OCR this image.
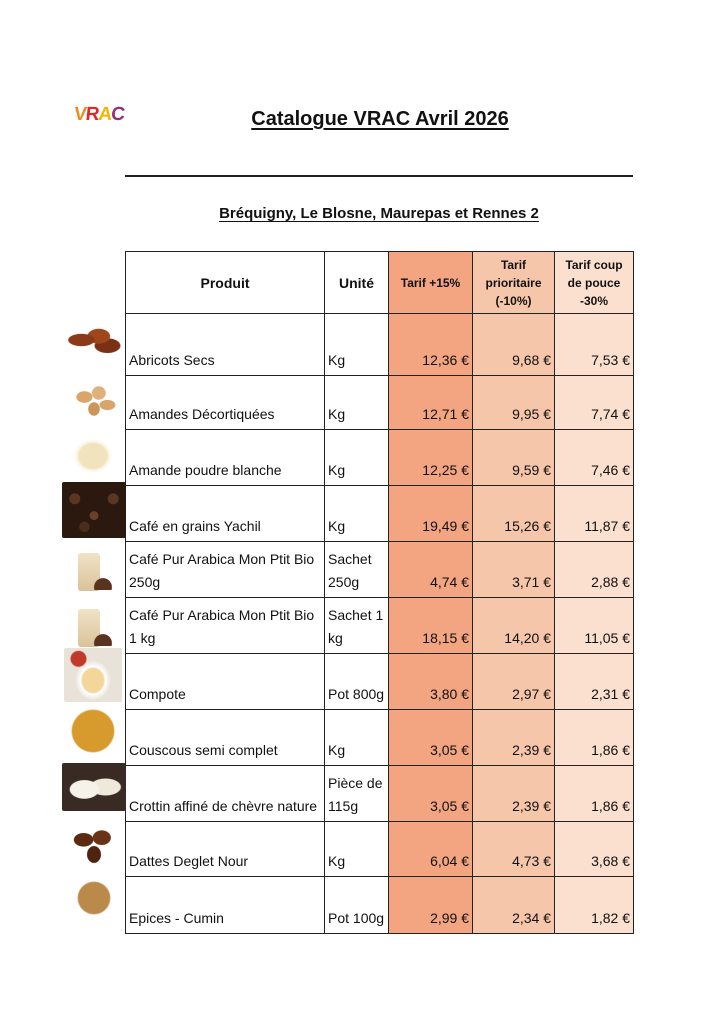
VRAC	Catalogue VRAC Avril 2026
Bréquigny, Le Blosne, Maurepas et Rennes 2
Produit	Unité	Tarif +15%	Tarif prioritaire (-10%)	Tarif coup de pouce -30%
Abricots Secs	Kg	12,36 €	9,68 €	7,53 €
Amandes Décortiquées	Kg	12,71 €	9,95 €	7,74 €
Amande poudre blanche	Kg	12,25 €	9,59 €	7,46 €
Café en grains Yachil	Kg	19,49 €	15,26 €	11,87 €
Café Pur Arabica Mon Ptit Bio 250g	Sachet 250g	4,74 €	3,71 €	2,88 €
Café Pur Arabica Mon Ptit Bio 1 kg	Sachet 1 kg	18,15 €	14,20 €	11,05 €
Compote	Pot 800g	3,80 €	2,97 €	2,31 €
Couscous semi complet	Kg	3,05 €	2,39 €	1,86 €
Crottin affiné de chèvre nature	Pièce de 115g	3,05 €	2,39 €	1,86 €
Dattes Deglet Nour	Kg	6,04 €	4,73 €	3,68 €
Epices - Cumin	Pot 100g	2,99 €	2,34 €	1,82 €
